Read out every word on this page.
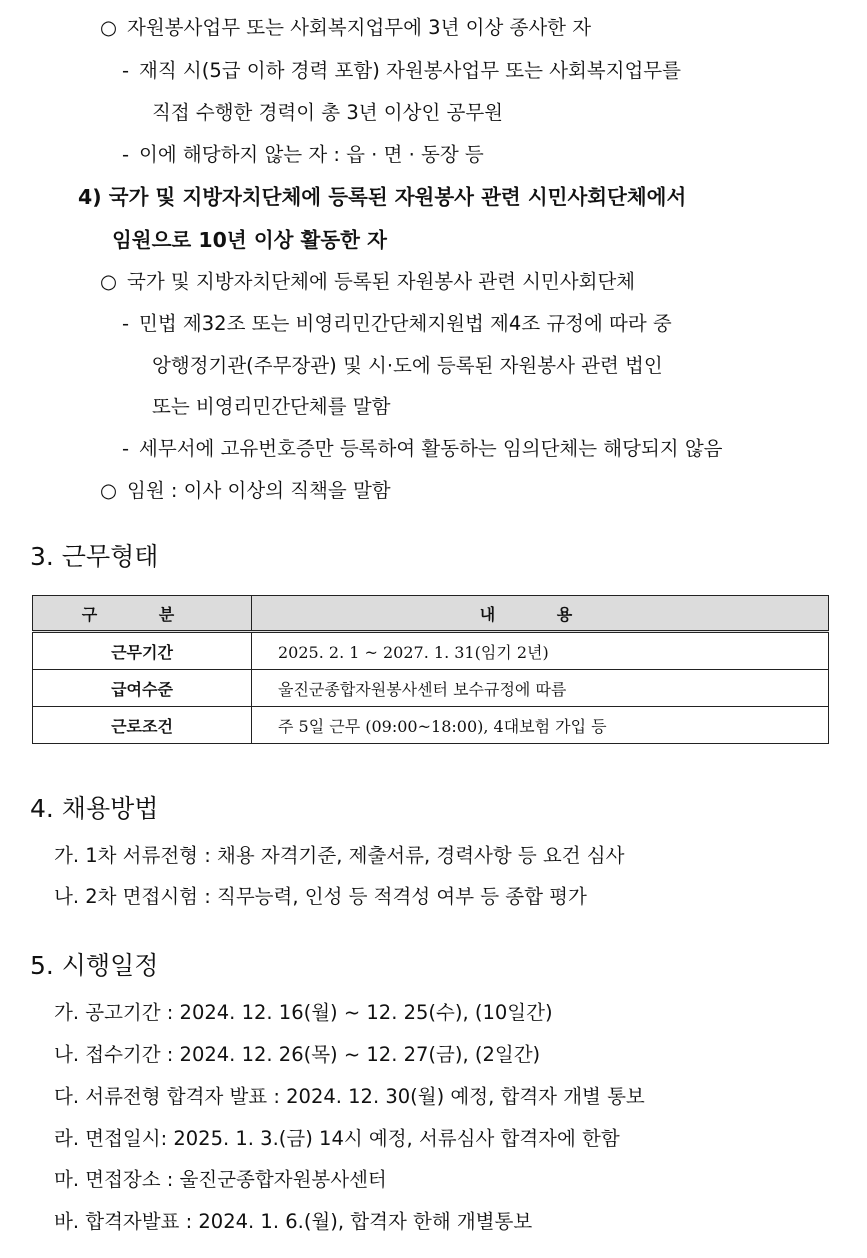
○ 자원봉사업무 또는 사회복지업무에 3년 이상 종사한 자
- 재직 시(5급 이하 경력 포함) 자원봉사업무 또는 사회복지업무를
직접 수행한 경력이 총 3년 이상인 공무원
- 이에 해당하지 않는 자 : 읍 · 면 · 동장 등
4) 국가 및 지방자치단체에 등록된 자원봉사 관련 시민사회단체에서
임원으로 10년 이상 활동한 자
○ 국가 및 지방자치단체에 등록된 자원봉사 관련 시민사회단체
- 민법 제32조 또는 비영리민간단체지원법 제4조 규정에 따라 중
앙행정기관(주무장관) 및 시·도에 등록된 자원봉사 관련 법인
또는 비영리민간단체를 말함
- 세무서에 고유번호증만 등록하여 활동하는 임의단체는 해당되지 않음
○ 임원 : 이사 이상의 직책을 말함
3. 근무형태
구 분	내 용
근무기간	2025. 2. 1 ~ 2027. 1. 31(임기 2년)
급여수준	울진군종합자원봉사센터 보수규정에 따름
근로조건	주 5일 근무 (09:00~18:00), 4대보험 가입 등
4. 채용방법
가. 1차 서류전형 : 채용 자격기준, 제출서류, 경력사항 등 요건 심사
나. 2차 면접시험 : 직무능력, 인성 등 적격성 여부 등 종합 평가
5. 시행일정
가. 공고기간 : 2024. 12. 16(월) ~ 12. 25(수), (10일간)
나. 접수기간 : 2024. 12. 26(목) ~ 12. 27(금), (2일간)
다. 서류전형 합격자 발표 : 2024. 12. 30(월) 예정, 합격자 개별 통보
라. 면접일시: 2025. 1. 3.(금) 14시 예정, 서류심사 합격자에 한함
마. 면접장소 : 울진군종합자원봉사센터
바. 합격자발표 : 2024. 1. 6.(월), 합격자 한해 개별통보
